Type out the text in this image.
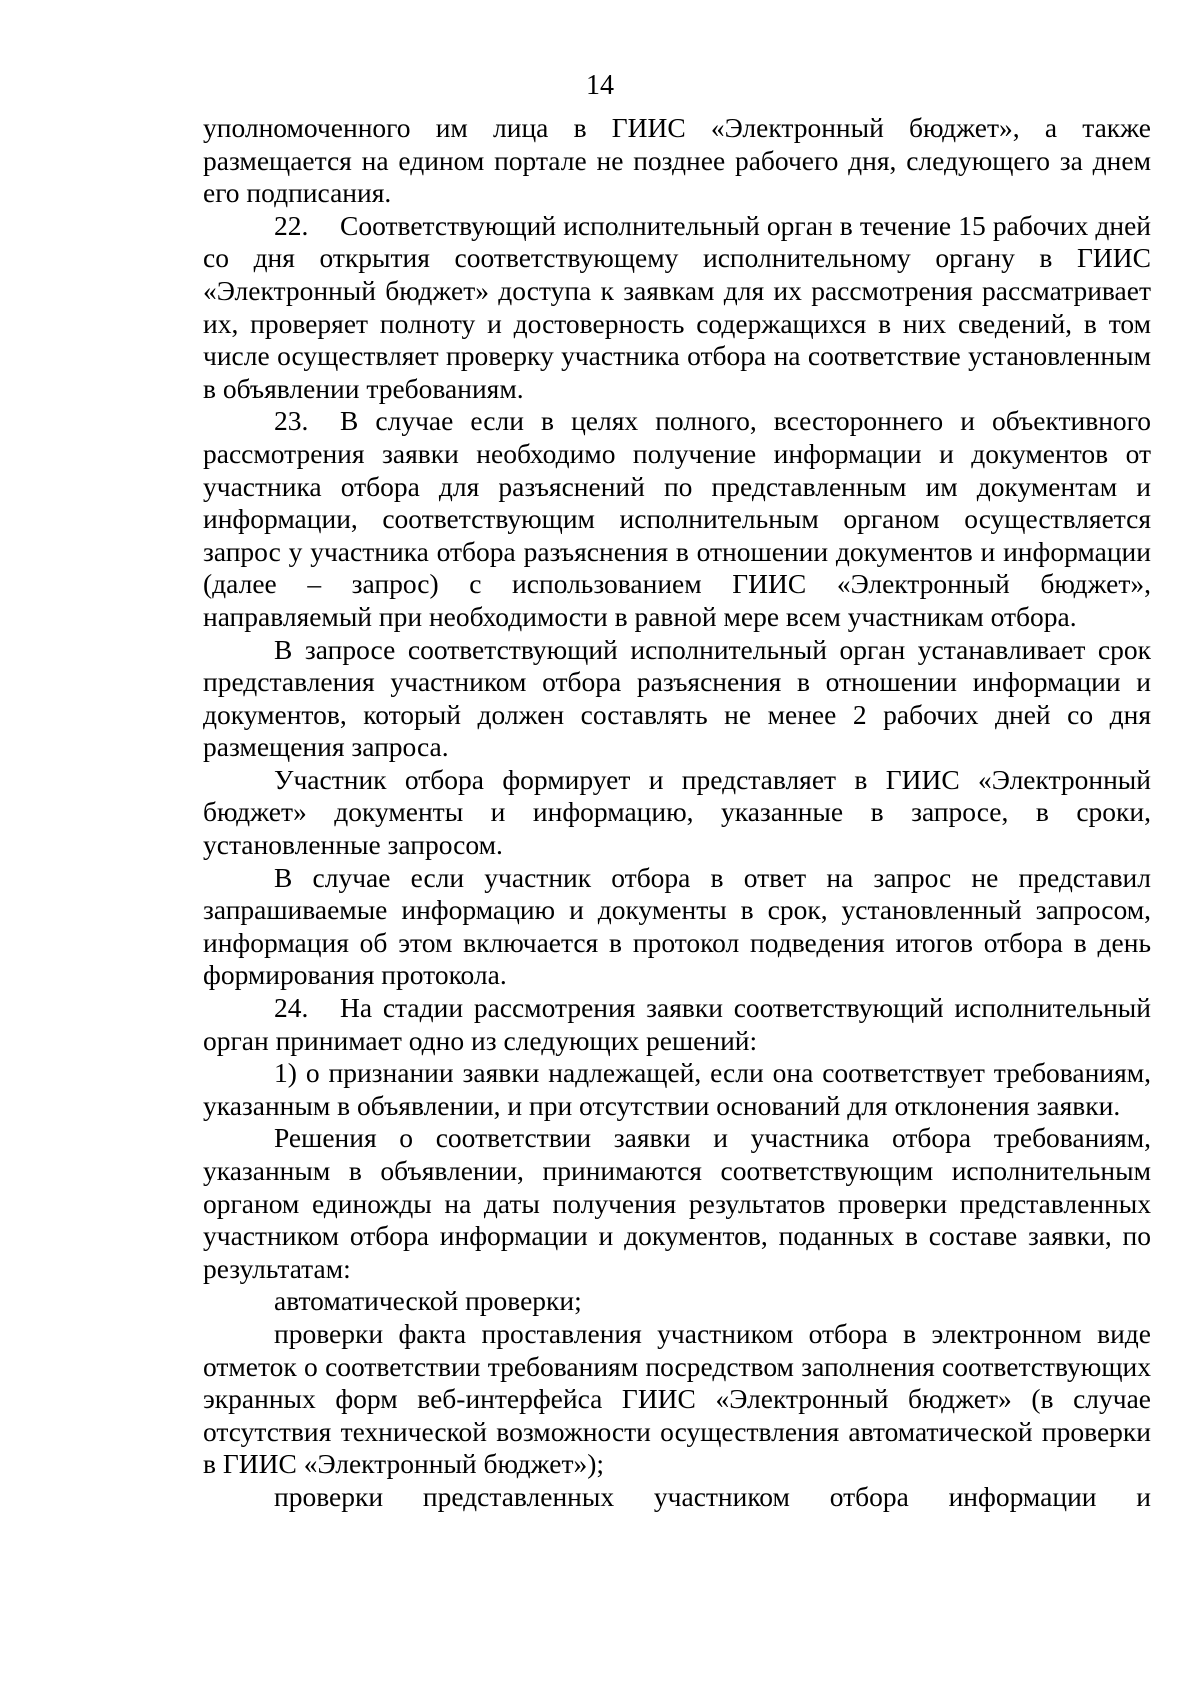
14

уполномоченного им лица в ГИИС «Электронный бюджет», а также размещается на едином портале не позднее рабочего дня, следующего за днем его подписания.

22. Соответствующий исполнительный орган в течение 15 рабочих дней со дня открытия соответствующему исполнительному органу в ГИИС «Электронный бюджет» доступа к заявкам для их рассмотрения рассматривает их, проверяет полноту и достоверность содержащихся в них сведений, в том числе осуществляет проверку участника отбора на соответствие установленным в объявлении требованиям.

23. В случае если в целях полного, всестороннего и объективного рассмотрения заявки необходимо получение информации и документов от участника отбора для разъяснений по представленным им документам и информации, соответствующим исполнительным органом осуществляется запрос у участника отбора разъяснения в отношении документов и информации (далее – запрос) с использованием ГИИС «Электронный бюджет», направляемый при необходимости в равной мере всем участникам отбора.

В запросе соответствующий исполнительный орган устанавливает срок представления участником отбора разъяснения в отношении информации и документов, который должен составлять не менее 2 рабочих дней со дня размещения запроса.

Участник отбора формирует и представляет в ГИИС «Электронный бюджет» документы и информацию, указанные в запросе, в сроки, установленные запросом.

В случае если участник отбора в ответ на запрос не представил запрашиваемые информацию и документы в срок, установленный запросом, информация об этом включается в протокол подведения итогов отбора в день формирования протокола.

24. На стадии рассмотрения заявки соответствующий исполнительный орган принимает одно из следующих решений:

1) о признании заявки надлежащей, если она соответствует требованиям, указанным в объявлении, и при отсутствии оснований для отклонения заявки.

Решения о соответствии заявки и участника отбора требованиям, указанным в объявлении, принимаются соответствующим исполнительным органом единожды на даты получения результатов проверки представленных участником отбора информации и документов, поданных в составе заявки, по результатам:

автоматической проверки;

проверки факта проставления участником отбора в электронном виде отметок о соответствии требованиям посредством заполнения соответствующих экранных форм веб-интерфейса ГИИС «Электронный бюджет» (в случае отсутствия технической возможности осуществления автоматической проверки в ГИИС «Электронный бюджет»);

проверки представленных участником отбора информации и
